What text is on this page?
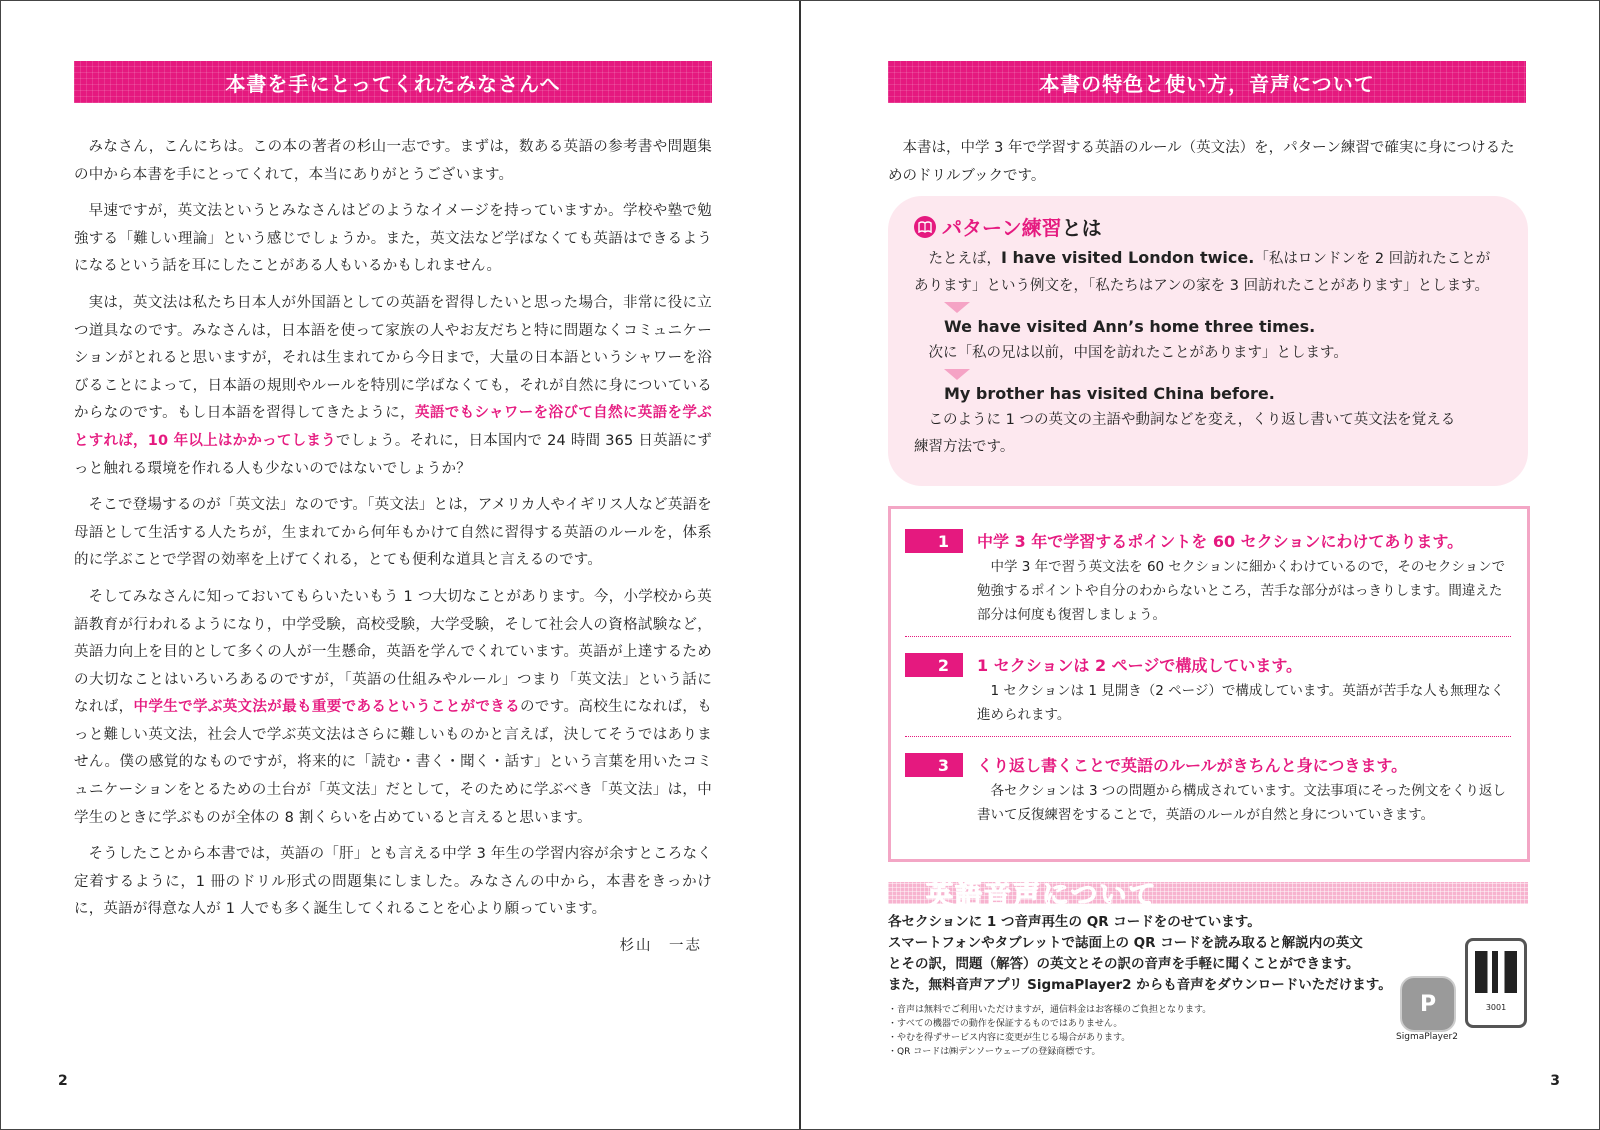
本書を手にとってくれたみなさんへ

みなさん，こんにちは。この本の著者の杉山一志です。まずは，数ある英語の参考書や問題集の中から本書を手にとってくれて，本当にありがとうございます。

早速ですが，英文法というとみなさんはどのようなイメージを持っていますか。学校や塾で勉強する「難しい理論」という感じでしょうか。また，英文法など学ばなくても英語はできるようになるという話を耳にしたことがある人もいるかもしれません。

実は，英文法は私たち日本人が外国語としての英語を習得したいと思った場合，非常に役に立つ道具なのです。みなさんは，日本語を使って家族の人やお友だちと特に問題なくコミュニケーションがとれると思いますが，それは生まれてから今日まで，大量の日本語というシャワーを浴びることによって，日本語の規則やルールを特別に学ばなくても，それが自然に身についているからなのです。もし日本語を習得してきたように，英語でもシャワーを浴びて自然に英語を学ぶとすれば，10 年以上はかかってしまうでしょう。それに，日本国内で 24 時間 365 日英語にずっと触れる環境を作れる人も少ないのではないでしょうか？

そこで登場するのが「英文法」なのです。「英文法」とは，アメリカ人やイギリス人など英語を母語として生活する人たちが，生まれてから何年もかけて自然に習得する英語のルールを，体系的に学ぶことで学習の効率を上げてくれる，とても便利な道具と言えるのです。

そしてみなさんに知っておいてもらいたいもう 1 つ大切なことがあります。今，小学校から英語教育が行われるようになり，中学受験，高校受験，大学受験，そして社会人の資格試験など，英語力向上を目的として多くの人が一生懸命，英語を学んでくれています。英語が上達するための大切なことはいろいろあるのですが，「英語の仕組みやルール」つまり「英文法」という話になれば，中学生で学ぶ英文法が最も重要であるということができるのです。高校生になれば，もっと難しい英文法，社会人で学ぶ英文法はさらに難しいものかと言えば，決してそうではありません。僕の感覚的なものですが，将来的に「読む・書く・聞く・話す」という言葉を用いたコミュニケーションをとるための土台が「英文法」だとして，そのために学ぶべき「英文法」は，中学生のときに学ぶものが全体の 8 割くらいを占めていると言えると思います。

そうしたことから本書では，英語の「肝」とも言える中学 3 年生の学習内容が余すところなく定着するように，1 冊のドリル形式の問題集にしました。みなさんの中から，本書をきっかけに，英語が得意な人が 1 人でも多く誕生してくれることを心より願っています。

杉山　一志
2
本書の特色と使い方，音声について
本書は，中学 3 年で学習する英語のルール（英文法）を，パターン練習で確実に身につけるためのドリルブックです。
パターン練習 とは
　たとえば，I have visited London twice.「私はロンドンを 2 回訪れたことが
あります」という例文を，「私たちはアンの家を 3 回訪れたことがあります」とします。
We have visited Ann’s home three times.
　次に「私の兄は以前，中国を訪れたことがあります」とします。
My brother has visited China before.
　このように 1 つの英文の主語や動詞などを変え，くり返し書いて英文法を覚える
練習方法です。
1	中学 3 年で学習するポイントを 60 セクションにわけてあります。
中学 3 年で習う英文法を 60 セクションに細かくわけているので，そのセクションで勉強するポイントや自分のわからないところ，苦手な部分がはっきりします。間違えた部分は何度も復習しましょう。
2	1 セクションは 2 ページで構成しています。
1 セクションは 1 見開き（2 ページ）で構成しています。英語が苦手な人も無理なく進められます。
3	くり返し書くことで英語のルールがきちんと身につきます。
各セクションは 3 つの問題から構成されています。文法事項にそった例文をくり返し書いて反復練習をすることで，英語のルールが自然と身についていきます。
英語音声について
各セクションに 1 つ音声再生の QR コードをのせています。
スマートフォンやタブレットで誌面上の QR コードを読み取ると解説内の英文
とその訳，問題（解答）の英文とその訳の音声を手軽に聞くことができます。
また，無料音声アプリ SigmaPlayer2 からも音声をダウンロードいただけます。
・音声は無料でご利用いただけますが，通信料金はお客様のご負担となります。
・すべての機器での動作を保証するものではありません。
・やむを得ずサービス内容に変更が生じる場合があります。
・QR コードは㈱デンソーウェーブの登録商標です。
P
SigmaPlayer2
3001
3
